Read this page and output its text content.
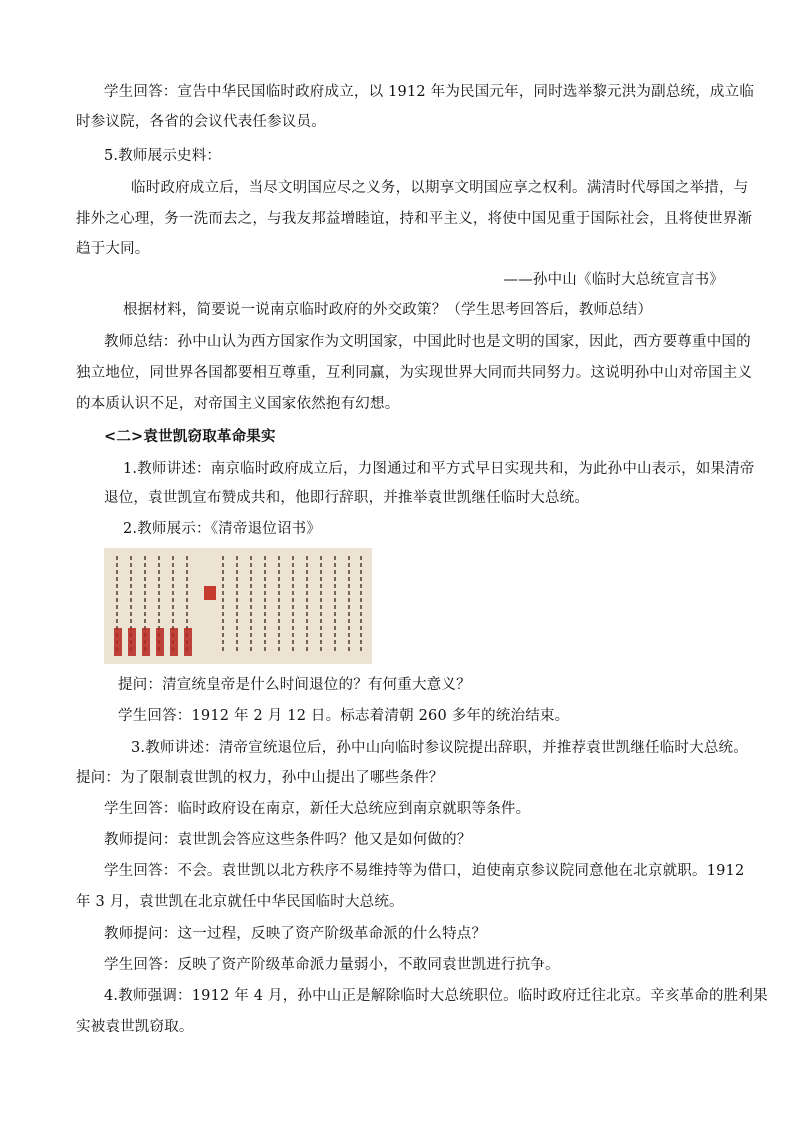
学生回答：宣告中华民国临时政府成立，以 1912 年为民国元年，同时选举黎元洪为副总统，成立临
时参议院，各省的会议代表任参议员。
5.教师展示史料：
临时政府成立后，当尽文明国应尽之义务，以期享文明国应享之权利。满清时代辱国之举措，与
排外之心理，务一洗而去之，与我友邦益增睦谊，持和平主义，将使中国见重于国际社会，且将使世界渐
趋于大同。
——孙中山《临时大总统宣言书》
根据材料，简要说一说南京临时政府的外交政策？（学生思考回答后，教师总结）
教师总结：孙中山认为西方国家作为文明国家，中国此时也是文明的国家，因此，西方要尊重中国的
独立地位，同世界各国都要相互尊重，互利同赢，为实现世界大同而共同努力。这说明孙中山对帝国主义
的本质认识不足，对帝国主义国家依然抱有幻想。
<二>袁世凯窃取革命果实
1.教师讲述：南京临时政府成立后，力图通过和平方式早日实现共和，为此孙中山表示，如果清帝
退位，袁世凯宣布赞成共和，他即行辞职，并推举袁世凯继任临时大总统。
2.教师展示：《清帝退位诏书》
提问：清宣统皇帝是什么时间退位的？有何重大意义？
学生回答：1912 年 2 月 12 日。标志着清朝 260 多年的统治结束。
3.教师讲述：清帝宣统退位后，孙中山向临时参议院提出辞职，并推荐袁世凯继任临时大总统。
提问：为了限制袁世凯的权力，孙中山提出了哪些条件？
学生回答：临时政府设在南京，新任大总统应到南京就职等条件。
教师提问：袁世凯会答应这些条件吗？他又是如何做的？
学生回答：不会。袁世凯以北方秩序不易维持等为借口，迫使南京参议院同意他在北京就职。1912
年 3 月，袁世凯在北京就任中华民国临时大总统。
教师提问：这一过程，反映了资产阶级革命派的什么特点？
学生回答：反映了资产阶级革命派力量弱小，不敢同袁世凯进行抗争。
4.教师强调：1912 年 4 月，孙中山正是解除临时大总统职位。临时政府迁往北京。辛亥革命的胜利果
实被袁世凯窃取。
